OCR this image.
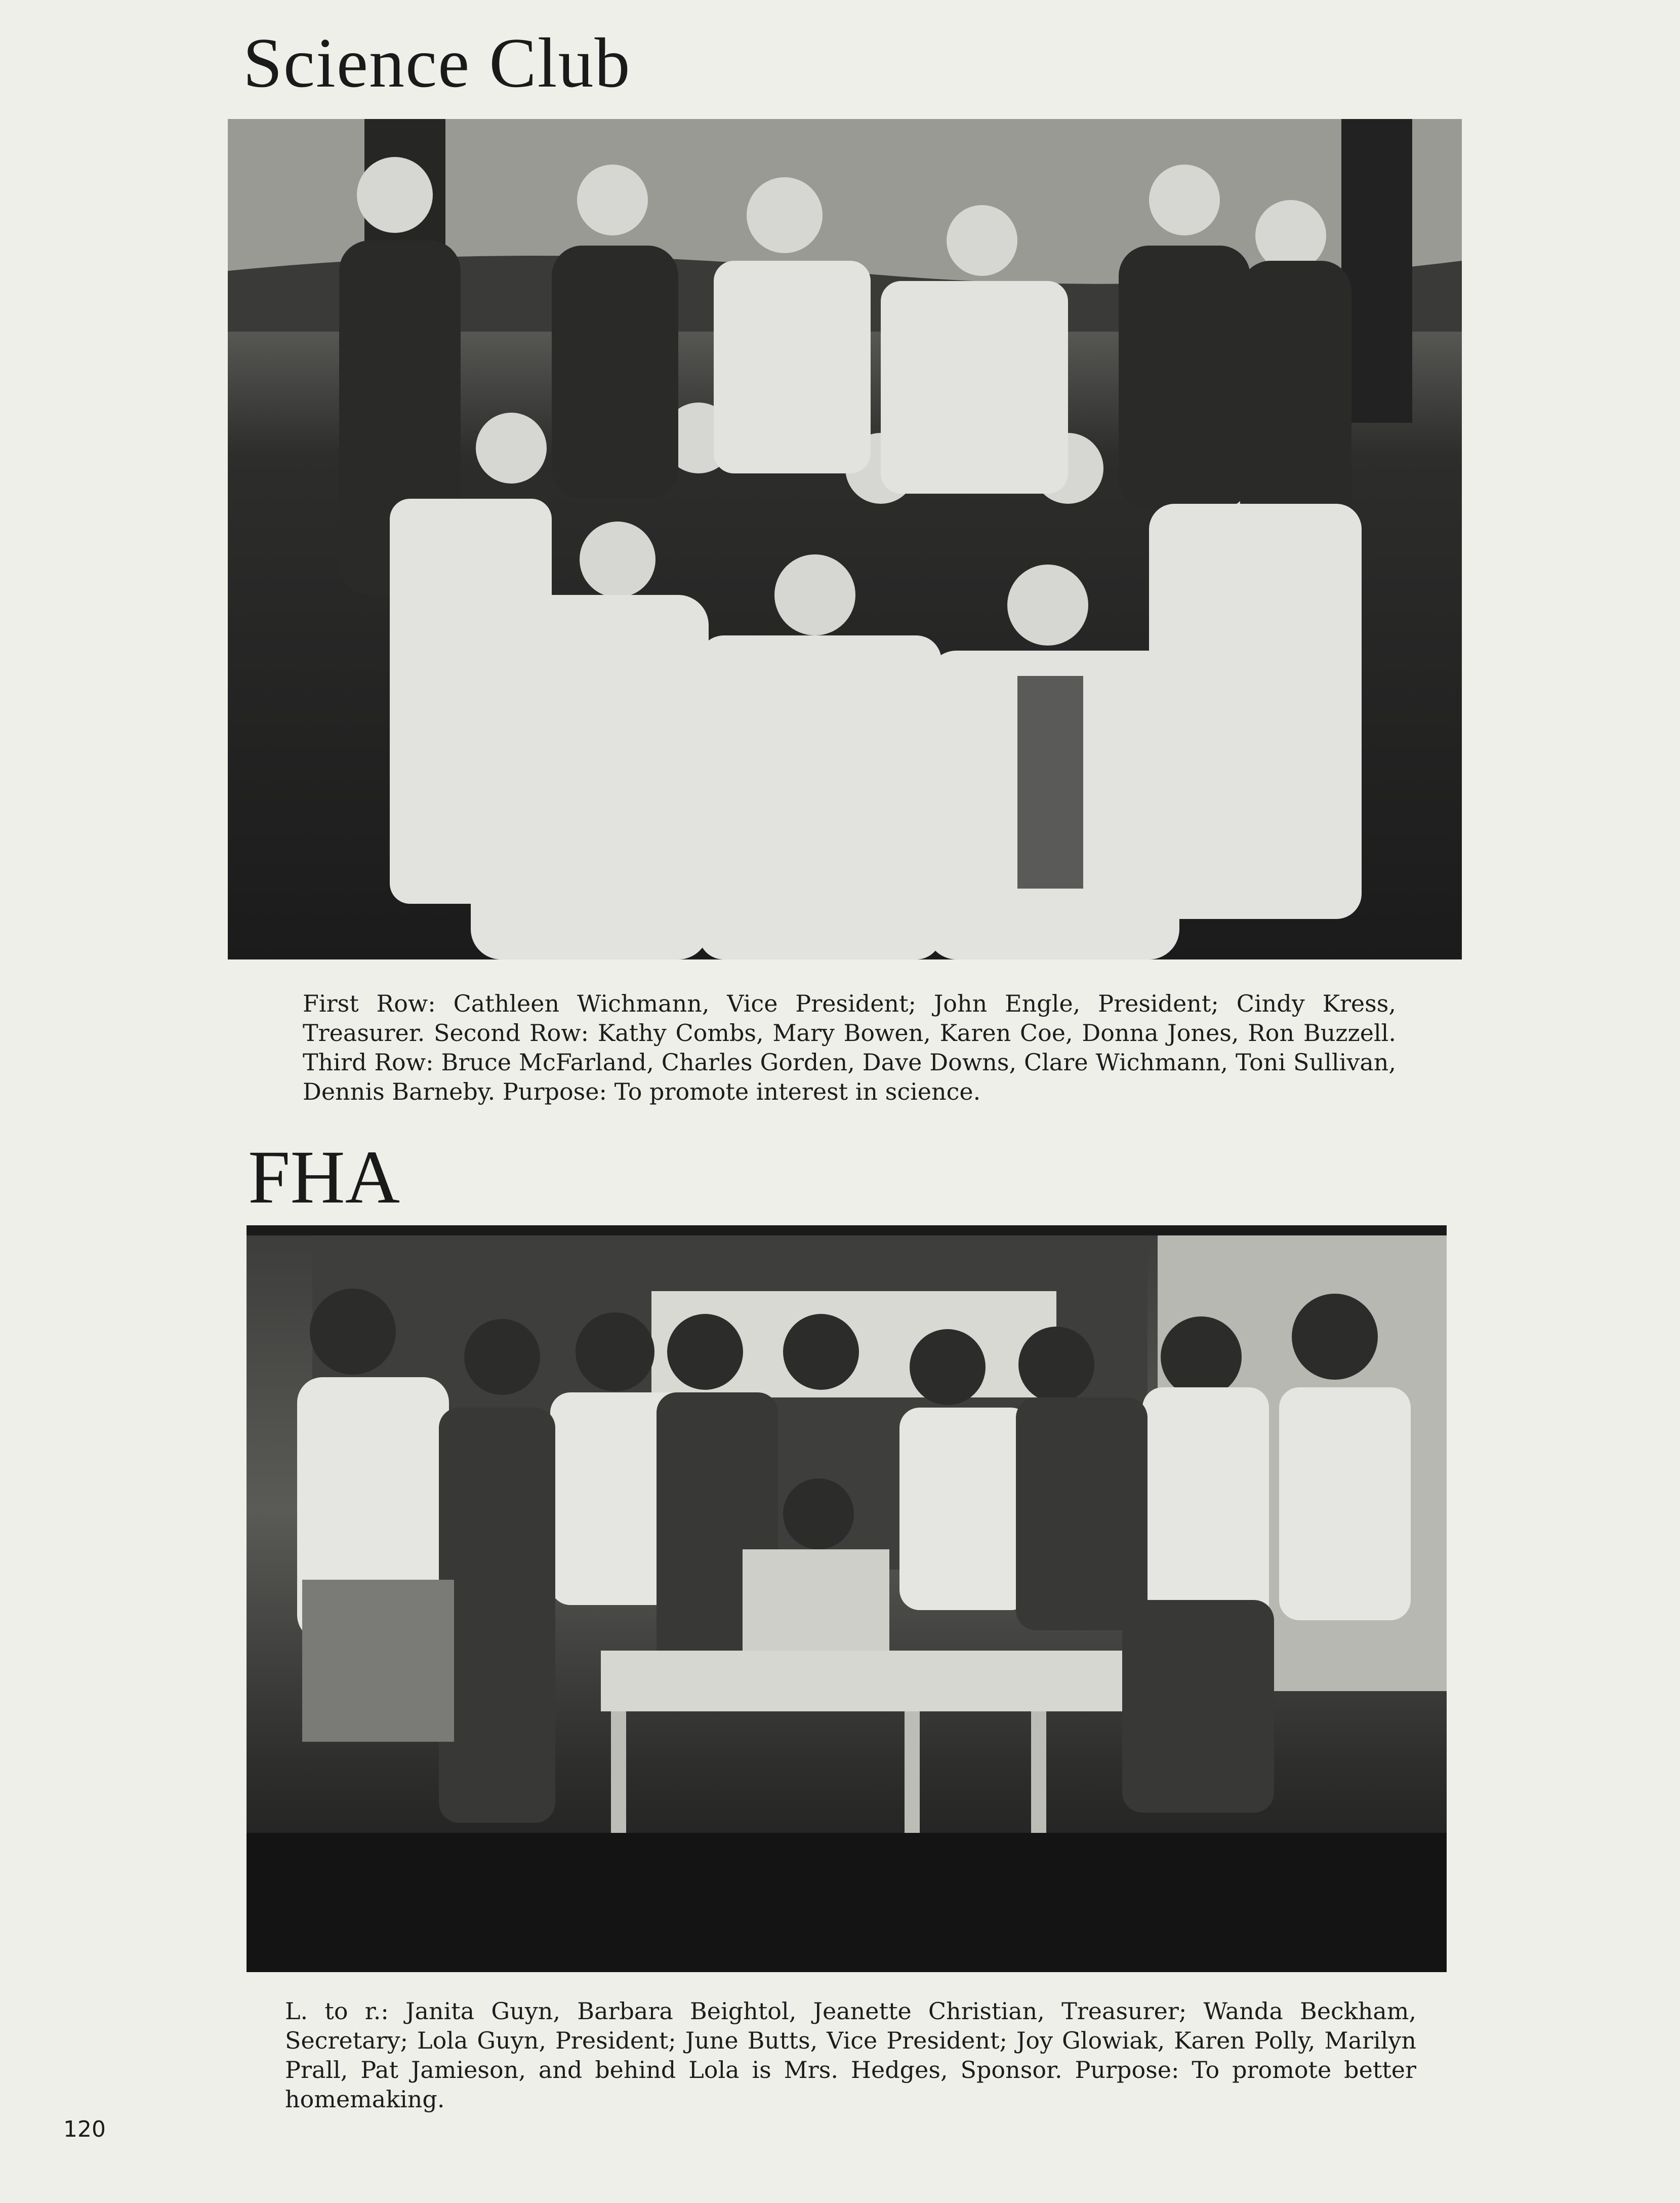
Science Club

First Row: Cathleen Wichmann, Vice President; John Engle, President; Cindy Kress, Treasurer. Second Row: Kathy Combs, Mary Bowen, Karen Coe, Donna Jones, Ron Buzzell. Third Row: Bruce McFarland, Charles Gorden, Dave Downs, Clare Wichmann, Toni Sullivan, Dennis Barneby. Purpose: To promote interest in science.

FHA

L. to r.: Janita Guyn, Barbara Beightol, Jeanette Christian, Treasurer; Wanda Beckham, Secretary; Lola Guyn, President; June Butts, Vice President; Joy Glowiak, Karen Polly, Marilyn Prall, Pat Jamieson, and behind Lola is Mrs. Hedges, Sponsor. Purpose: To promote better homemaking.

120
